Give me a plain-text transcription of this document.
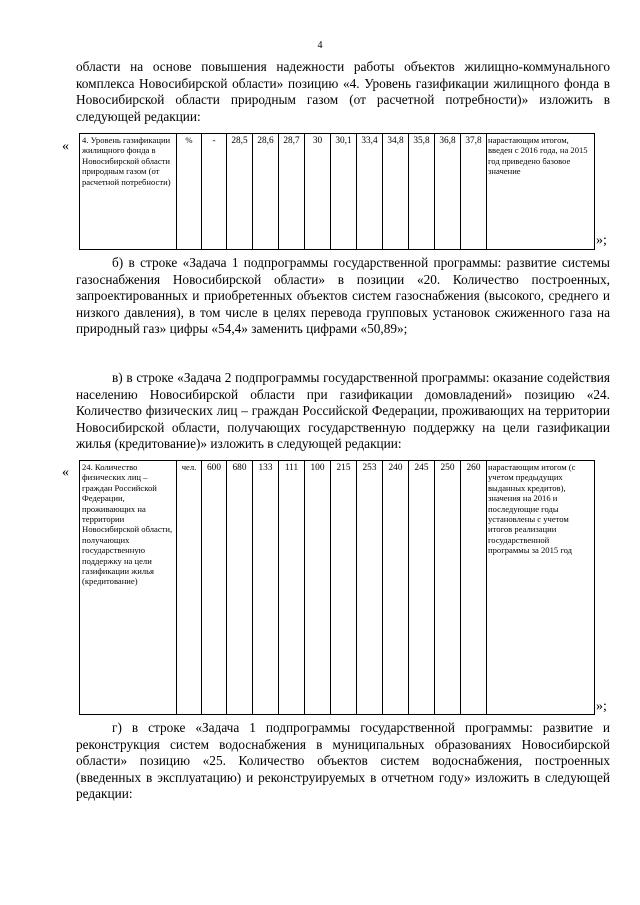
4

области на основе повышения надежности работы объектов жилищно-коммунального комплекса Новосибирской области» позицию «4. Уровень газификации жилищного фонда в Новосибирской области природным газом (от расчетной потребности)» изложить в следующей редакции:

« 4. Уровень газификации жилищного фонда в Новосибирской области природным газом (от расчетной потребности)	%	-	28,5	28,6	28,7	30	30,1	33,4	34,8	35,8	36,8	37,8	нарастающим итогом, введен с 2016 года, на 2015 год приведено базовое значение
»;

б) в строке «Задача 1 подпрограммы государственной программы: развитие системы газоснабжения Новосибирской области» в позиции «20. Количество построенных, запроектированных и приобретенных объектов систем газоснабжения (высокого, среднего и низкого давления), в том числе в целях перевода групповых установок сжиженного газа на природный газ» цифры «54,4» заменить цифрами «50,89»;

в) в строке «Задача 2 подпрограммы государственной программы: оказание содействия населению Новосибирской области при газификации домовладений» позицию «24. Количество физических лиц – граждан Российской Федерации, проживающих на территории Новосибирской области, получающих государственную поддержку на цели газификации жилья (кредитование)» изложить в следующей редакции:

« 24. Количество физических лиц – граждан Российской Федерации, проживающих на территории Новосибирской области, получающих государственную поддержку на цели газификации жилья (кредитование)	чел.	600	680	133	111	100	215	253	240	245	250	260	нарастающим итогом (с учетом предыдущих выданных кредитов), значения на 2016 и последующие годы установлены с учетом итогов реализации государственной программы за 2015 год
»;

г) в строке «Задача 1 подпрограммы государственной программы: развитие и реконструкция систем водоснабжения в муниципальных образованиях Новосибирской области» позицию «25. Количество объектов систем водоснабжения, построенных (введенных в эксплуатацию) и реконструируемых в отчетном году» изложить в следующей редакции:
